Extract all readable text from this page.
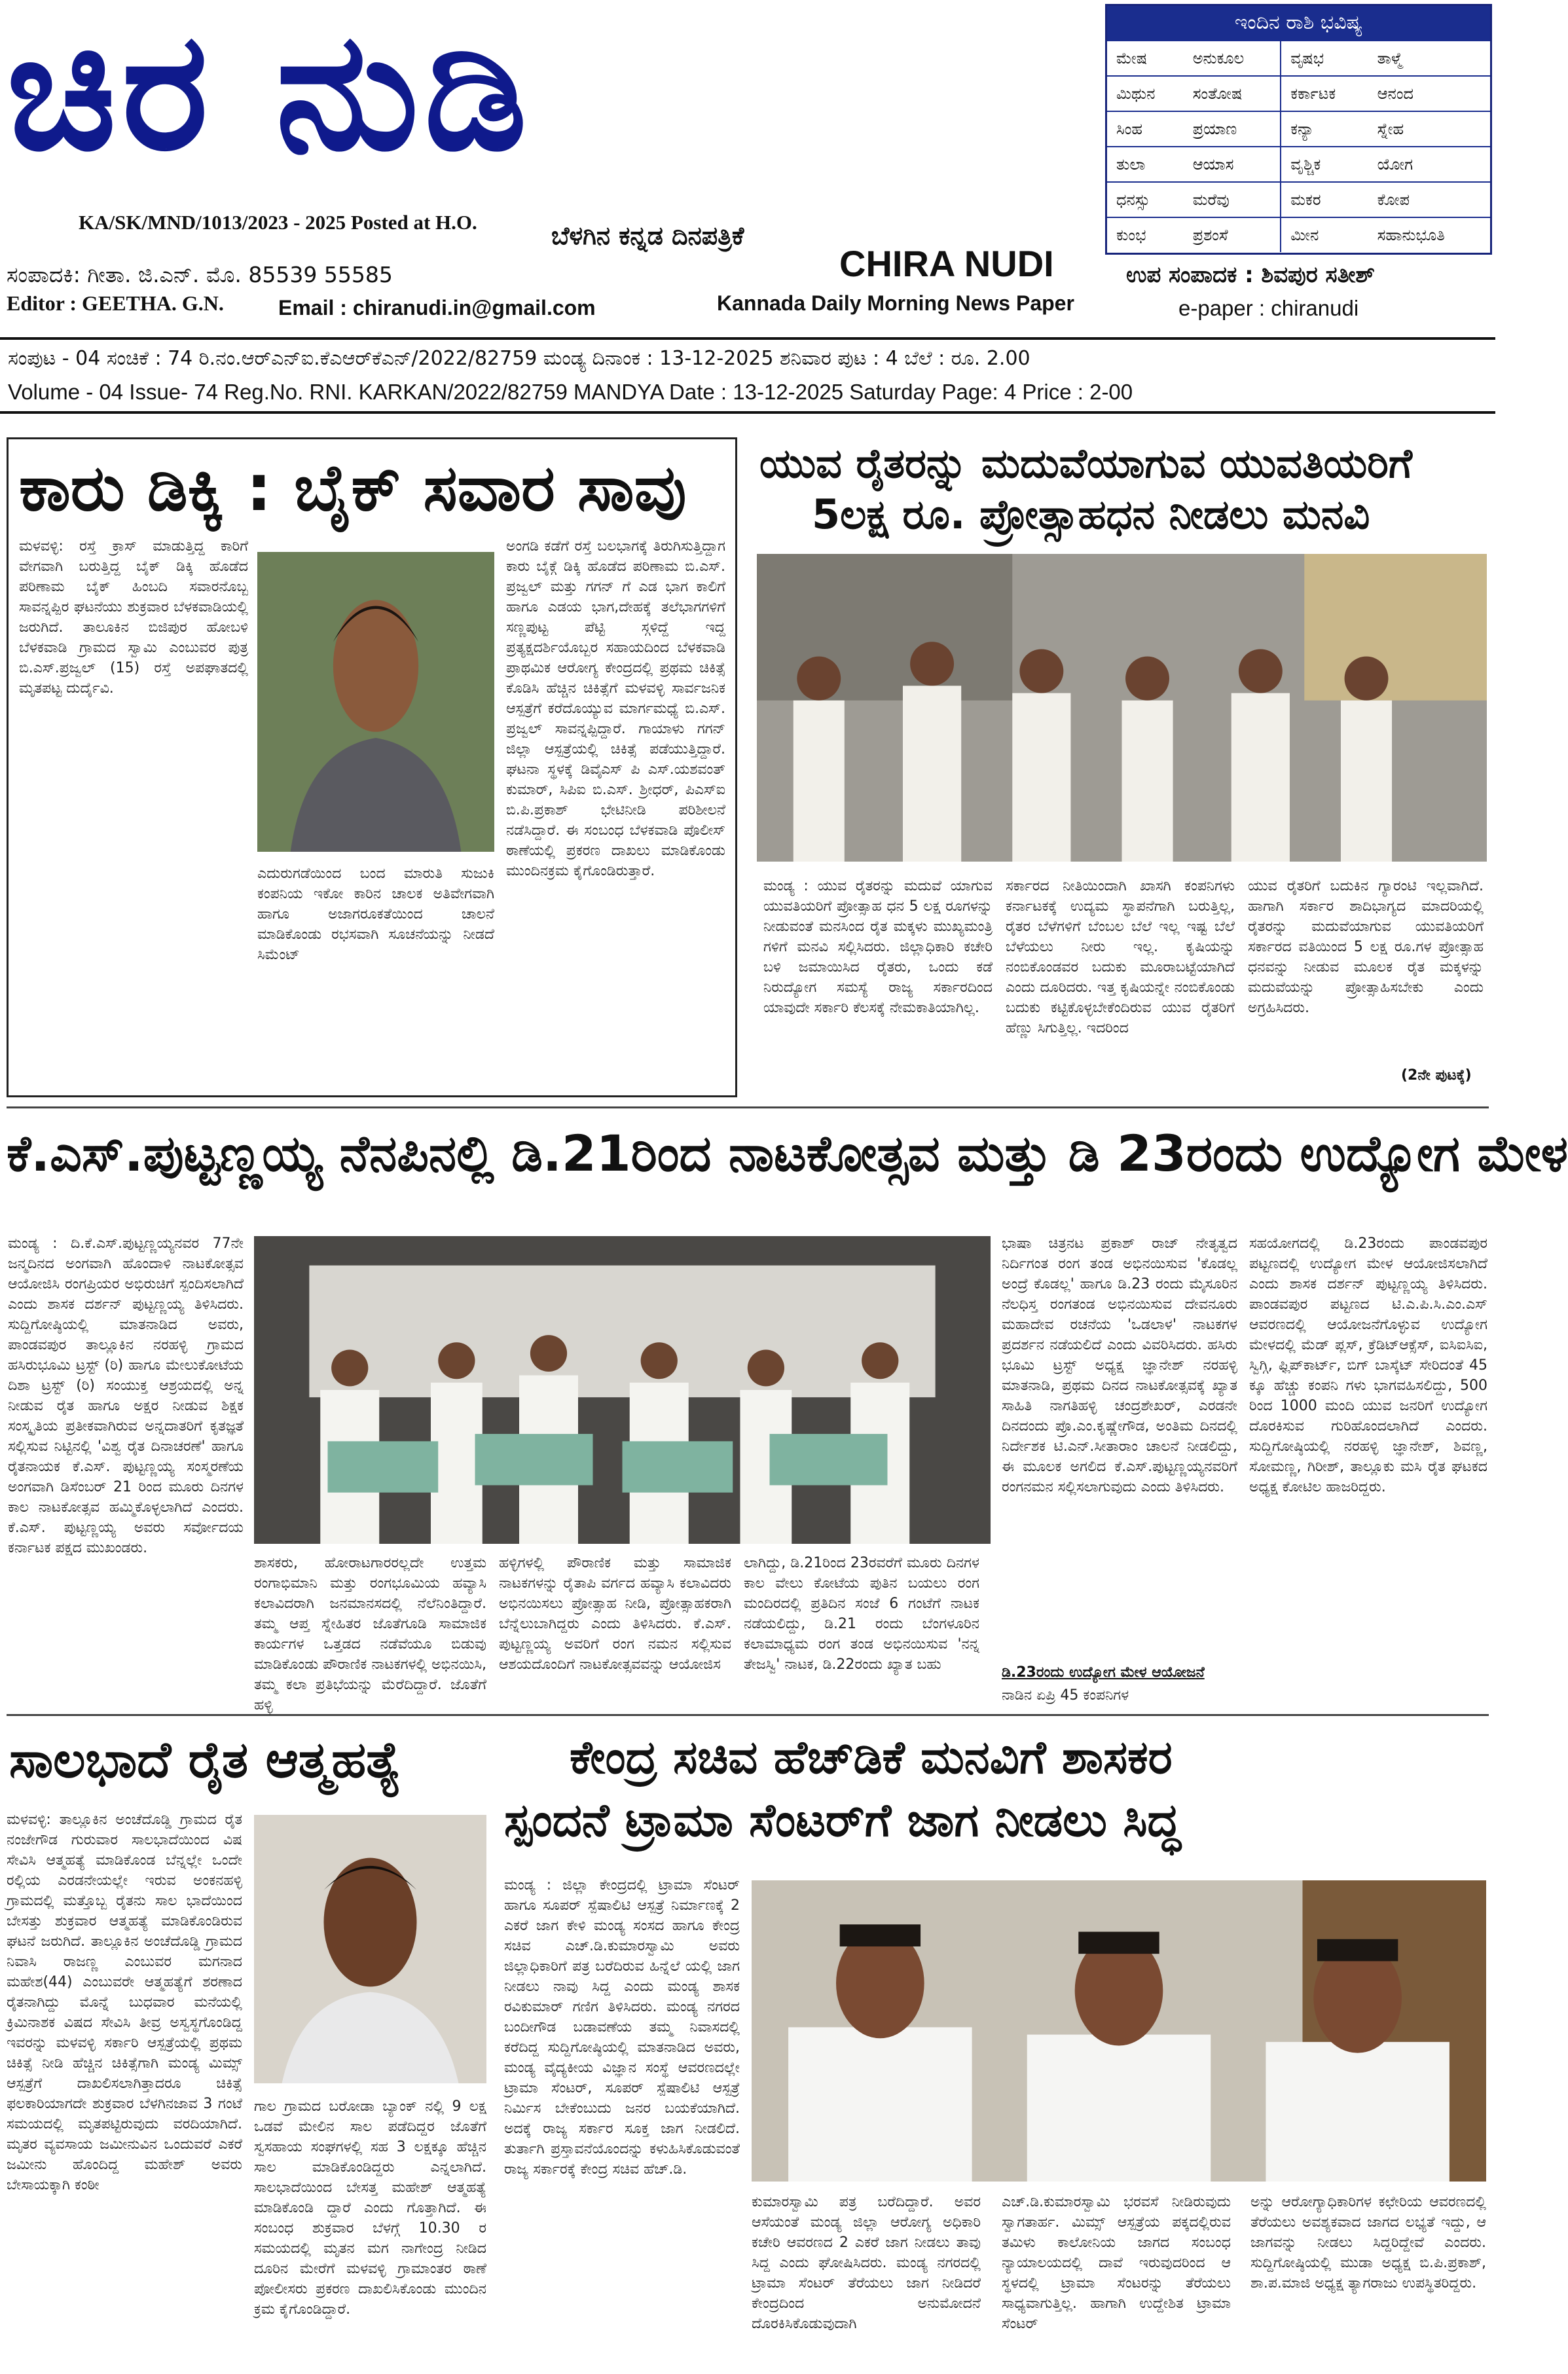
ಚಿರ ನುಡಿ
KA/SK/MND/1013/2023 - 2025 Posted at H.O.	ಬೆಳಗಿನ ಕನ್ನಡ ದಿನಪತ್ರಿಕೆ
CHIRA NUDI
ಸಂಪಾದಕಿ: ಗೀತಾ. ಜಿ.ಎನ್. ಮೊ. 85539 55585
Editor : GEETHA. G.N.	Email : chiranudi.in@gmail.com	Kannada Daily Morning News Paper
ಉಪ ಸಂಪಾದಕ : ಶಿವಪುರ ಸತೀಶ್
e-paper : chiranudi
ಇಂದಿನ ರಾಶಿ ಭವಿಷ್ಯ
ಮೇಷ	ಅನುಕೂಲ	ವೃಷಭ	ತಾಳ್ಮೆ
ಮಿಥುನ	ಸಂತೋಷ	ಕರ್ಕಾಟಕ	ಆನಂದ
ಸಿಂಹ	ಪ್ರಯಾಣ	ಕನ್ಯಾ	ಸ್ನೇಹ
ತುಲಾ	ಆಯಾಸ	ವೃಶ್ಚಿಕ	ಯೋಗ
ಧನಸ್ಸು	ಮರೆವು	ಮಕರ	ಕೋಪ
ಕುಂಭ	ಪ್ರಶಂಸೆ	ಮೀನ	ಸಹಾನುಭೂತಿ
ಸಂಪುಟ - 04 ಸಂಚಿಕೆ : 74 ರಿ.ನಂ.ಆರ್‌ಎನ್‌ಐ.ಕೆಎಆರ್‌ಕೆಎನ್/2022/82759 ಮಂಡ್ಯ ದಿನಾಂಕ : 13-12-2025 ಶನಿವಾರ ಪುಟ : 4 ಬೆಲೆ : ರೂ. 2.00
Volume - 04 Issue- 74 Reg.No. RNI. KARKAN/2022/82759 MANDYA Date : 13-12-2025 Saturday Page: 4 Price : 2-00
ಕಾರು ಡಿಕ್ಕಿ : ಬೈಕ್ ಸವಾರ ಸಾವು
ಮಳವಳ್ಳಿ: ರಸ್ತೆ ಕ್ರಾಸ್ ಮಾಡುತ್ತಿದ್ದ ಕಾರಿಗೆ ವೇಗವಾಗಿ ಬರುತ್ತಿದ್ದ ಬೈಕ್ ಡಿಕ್ಕಿ ಹೊಡೆದ ಪರಿಣಾಮ ಬೈಕ್ ಹಿಂಬದಿ ಸವಾರನೊಬ್ಬ ಸಾವನ್ನಪ್ಪಿರ ಘಟನೆಯು ಶುಕ್ರವಾರ ಬೆಳಕವಾಡಿಯಲ್ಲಿ ಜರುಗಿದೆ. ತಾಲೂಕಿನ ಬಿಜಿಪುರ ಹೋಬಳಿ ಬೆಳಕವಾಡಿ ಗ್ರಾಮದ ಸ್ವಾಮಿ ಎಂಬುವರ ಪುತ್ರ ಬಿ.ಎಸ್.ಪ್ರಜ್ವಲ್ (15) ರಸ್ತೆ ಅಪಘಾತದಲ್ಲಿ ಮೃತಪಟ್ಟ ದುರ್ದೈವಿ.
ಎದುರುಗಡೆಯಿಂದ ಬಂದ ಮಾರುತಿ ಸುಜುಕಿ ಕಂಪನಿಯ ಇಕೋ ಕಾರಿನ ಚಾಲಕ ಅತಿವೇಗವಾಗಿ ಹಾಗೂ ಅಜಾಗರೂಕತೆಯಿಂದ ಚಾಲನೆ ಮಾಡಿಕೊಂಡು ರಭಸವಾಗಿ ಸೂಚನೆಯನ್ನು ನೀಡದೆ ಸಿಮೆಂಟ್
ಅಂಗಡಿ ಕಡೆಗೆ ರಸ್ತೆ ಬಲಭಾಗಕ್ಕೆ ತಿರುಗಿಸುತ್ತಿದ್ದಾಗ ಕಾರು ಬೈಕ್ಗೆ ಡಿಕ್ಕಿ ಹೊಡೆದ ಪರಿಣಾಮ ಬಿ.ಎಸ್. ಪ್ರಜ್ವಲ್ ಮತ್ತು ಗಗನ್ ಗೆ ಎಡ ಭಾಗ ಕಾಲಿಗೆ ಹಾಗೂ ಎಡಯ ಭಾಗ,ದೇಹಕ್ಕೆ ತಲೆಭಾಗಗಳಿಗೆ ಸಣ್ಣಪುಟ್ಟ ಪೆಟ್ಟಿ ಸ್ಗಳಿದ್ದೆ ಇದ್ದ ಪ್ರತ್ಯಕ್ಷದರ್ಶಿಯೊಬ್ಬರ ಸಹಾಯದಿಂದ ಬೆಳಕವಾಡಿ ಪ್ರಾಥಮಿಕ ಆರೋಗ್ಯ ಕೇಂದ್ರದಲ್ಲಿ ಪ್ರಥಮ ಚಿಕಿತ್ಸೆ ಕೊಡಿಸಿ ಹೆಚ್ಚಿನ ಚಿಕಿತ್ಸೆಗೆ ಮಳವಳ್ಳಿ ಸಾರ್ವಜನಿಕ ಆಸ್ಪತ್ರೆಗೆ ಕರೆದೊಯ್ಯುವ ಮಾರ್ಗಮಧ್ಯೆ ಬಿ.ಎಸ್. ಪ್ರಜ್ವಲ್ ಸಾವನ್ನಪ್ಪಿದ್ದಾರೆ. ಗಾಯಾಳು ಗಗನ್ ಜಿಲ್ಲಾ ಆಸ್ಪತ್ರೆಯಲ್ಲಿ ಚಿಕಿತ್ಸೆ ಪಡೆಯುತ್ತಿದ್ದಾರೆ. ಘಟನಾ ಸ್ಥಳಕ್ಕೆ ಡಿವೈಎಸ್ ಪಿ ಎಸ್.ಯಶವಂತ್ ಕುಮಾರ್, ಸಿಪಿಐ ಬಿ.ಎಸ್. ಶ್ರೀಧರ್, ಪಿಎಸ್ಐ ಬಿ.ಪಿ.ಪ್ರಕಾಶ್ ಭೇಟಿನೀಡಿ ಪರಿಶೀಲನೆ ನಡೆಸಿದ್ದಾರೆ. ಈ ಸಂಬಂಧ ಬೆಳಕವಾಡಿ ಪೊಲೀಸ್ ಠಾಣೆಯಲ್ಲಿ ಪ್ರಕರಣ ದಾಖಲು ಮಾಡಿಕೊಂಡು ಮುಂದಿನಕ್ರಮ ಕೈಗೊಂಡಿರುತ್ತಾರೆ.
ಯುವ ರೈತರನ್ನು ಮದುವೆಯಾಗುವ ಯುವತಿಯರಿಗೆ
5ಲಕ್ಷ ರೂ. ಪ್ರೋತ್ಸಾಹಧನ ನೀಡಲು ಮನವಿ
ಮಂಡ್ಯ : ಯುವ ರೈತರನ್ನು ಮದುವೆ ಯಾಗುವ ಯುವತಿಯರಿಗೆ ಪ್ರೋತ್ಸಾಹ ಧನ 5 ಲಕ್ಷ ರೂಗಳನ್ನು ನೀಡುವಂತೆ ಮನಸಿಂದ ರೈತ ಮಕ್ಕಳು ಮುಖ್ಯಮಂತ್ರಿ ಗಳಿಗೆ ಮನವಿ ಸಲ್ಲಿಸಿದರು. ಜಿಲ್ಲಾಧಿಕಾರಿ ಕಚೇರಿ ಬಳಿ ಜಮಾಯಿಸಿದ ರೈತರು, ಒಂದು ಕಡೆ ನಿರುದ್ಯೋಗ ಸಮಸ್ಯೆ ರಾಜ್ಯ ಸರ್ಕಾರದಿಂದ ಯಾವುದೇ ಸರ್ಕಾರಿ ಕೆಲಸಕ್ಕೆ ನೇಮಕಾತಿಯಾಗಿಲ್ಲ.
ಸರ್ಕಾರದ ನೀತಿಯಿಂದಾಗಿ ಖಾಸಗಿ ಕಂಪನಿಗಳು ಕರ್ನಾಟಕಕ್ಕೆ ಉದ್ಯಮ ಸ್ಥಾಪನೆಗಾಗಿ ಬರುತ್ತಿಲ್ಲ, ರೈತರ ಬೆಳೆಗಳಿಗೆ ಬೆಂಬಲ ಬೆಲೆ ಇಲ್ಲ ಇಷ್ಟ ಬೆಲೆ ಬೆಳೆಯಲು ನೀರು ಇಲ್ಲ. ಕೃಷಿಯನ್ನು ನಂಬಿಕೊಂಡವರ ಬದುಕು ಮೂರಾಬಟ್ಟೆಯಾಗಿದೆ ಎಂದು ದೂರಿದರು. ಇತ್ತ ಕೃಷಿಯನ್ನೇ ನಂಬಿಕೊಂಡು ಬದುಕು ಕಟ್ಟಿಕೊಳ್ಳಬೇಕೆಂದಿರುವ ಯುವ ರೈತರಿಗೆ ಹೆಣ್ಣು ಸಿಗುತ್ತಿಲ್ಲ. ಇದರಿಂದ
ಯುವ ರೈತರಿಗೆ ಬದುಕಿನ ಗ್ಯಾರಂಟಿ ಇಲ್ಲವಾಗಿದೆ. ಹಾಗಾಗಿ ಸರ್ಕಾರ ಶಾದಿಭಾಗ್ಯದ ಮಾದರಿಯಲ್ಲಿ ರೈತರನ್ನು ಮದುವೆಯಾಗುವ ಯುವತಿಯರಿಗೆ ಸರ್ಕಾರದ ವತಿಯಿಂದ 5 ಲಕ್ಷ ರೂ.ಗಳ ಪ್ರೋತ್ಸಾಹ ಧನವನ್ನು ನೀಡುವ ಮೂಲಕ ರೈತ ಮಕ್ಕಳನ್ನು ಮದುವೆಯನ್ನು ಪ್ರೋತ್ಸಾಹಿಸಬೇಕು ಎಂದು ಅಗ್ರಹಿಸಿದರು.
(2ನೇ ಪುಟಕ್ಕೆ)
ಕೆ.ಎಸ್.ಪುಟ್ಟಣ್ಣಯ್ಯ ನೆನಪಿನಲ್ಲಿ ಡಿ.21ರಿಂದ ನಾಟಕೋತ್ಸವ ಮತ್ತು ಡಿ 23ರಂದು ಉದ್ಯೋಗ ಮೇಳ
ಮಂಡ್ಯ : ದಿ.ಕೆ.ಎಸ್.ಪುಟ್ಟಣ್ಣಯ್ಯನವರ 77ನೇ ಜನ್ಮದಿನದ ಅಂಗವಾಗಿ ಹೊಂದಾಳಿ ನಾಟಕೋತ್ಸವ ಆಯೋಜಿಸಿ ರಂಗಪ್ರಿಯರ ಅಭಿರುಚಿಗೆ ಸ್ಪಂದಿಸಲಾಗಿದೆ ಎಂದು ಶಾಸಕ ದರ್ಶನ್ ಪುಟ್ಟಣ್ಣಯ್ಯ ತಿಳಿಸಿದರು. ಸುದ್ದಿಗೋಷ್ಠಿಯಲ್ಲಿ ಮಾತನಾಡಿದ ಅವರು, ಪಾಂಡವಪುರ ತಾಲ್ಲೂಕಿನ ನರಹಳ್ಳಿ ಗ್ರಾಮದ ಹಸಿರುಭೂಮಿ ಟ್ರಸ್ಟ್ (ರಿ) ಹಾಗೂ ಮೇಲುಕೋಟೆಯ ದಿಶಾ ಟ್ರಸ್ಟ್ (ರಿ) ಸಂಯುಕ್ತ ಆಶ್ರಯದಲ್ಲಿ ಅನ್ನ ನೀಡುವ ರೈತ ಹಾಗೂ ಅಕ್ಷರ ನೀಡುವ ಶಿಕ್ಷಕ ಸಂಸ್ಕೃತಿಯ ಪ್ರತೀಕವಾಗಿರುವ ಅನ್ನದಾತರಿಗೆ ಕೃತಜ್ಞತೆ ಸಲ್ಲಿಸುವ ನಿಟ್ಟಿನಲ್ಲಿ 'ವಿಶ್ವ ರೈತ ದಿನಾಚರಣೆ' ಹಾಗೂ ರೈತನಾಯಕ ಕೆ.ಎಸ್. ಪುಟ್ಟಣ್ಣಯ್ಯ ಸಂಸ್ಮರಣೆಯ ಅಂಗವಾಗಿ ಡಿಸೆಂಬರ್ 21 ರಿಂದ ಮೂರು ದಿನಗಳ ಕಾಲ ನಾಟಕೋತ್ಸವ ಹಮ್ಮಿಕೊಳ್ಳಲಾಗಿದೆ ಎಂದರು. ಕೆ.ಎಸ್. ಪುಟ್ಟಣ್ಣಯ್ಯ ಅವರು ಸರ್ವೋದಯ ಕರ್ನಾಟಕ ಪಕ್ಷದ ಮುಖಂಡರು.
ಶಾಸಕರು, ಹೋರಾಟಗಾರರಲ್ಲದೇ ಉತ್ತಮ ರಂಗಾಭಿಮಾನಿ ಮತ್ತು ರಂಗಭೂಮಿಯ ಹವ್ಯಾಸಿ ಕಲಾವಿದರಾಗಿ ಜನಮಾನಸದಲ್ಲಿ ನೆಲೆನಿಂತಿದ್ದಾರೆ. ತಮ್ಮ ಆಪ್ತ ಸ್ನೇಹಿತರ ಜೊತೆಗೂಡಿ ಸಾಮಾಜಿಕ ಕಾರ್ಯಗಳ ಒತ್ತಡದ ನಡೆವೆಯೂ ಬಿಡುವು ಮಾಡಿಕೊಂಡು ಪೌರಾಣಿಕ ನಾಟಕಗಳಲ್ಲಿ ಅಭಿನಯಿಸಿ, ತಮ್ಮ ಕಲಾ ಪ್ರತಿಭೆಯನ್ನು ಮೆರೆದಿದ್ದಾರೆ. ಜೊತೆಗೆ ಹಳ್ಳಿ
ಹಳ್ಳಿಗಳಲ್ಲಿ ಪೌರಾಣಿಕ ಮತ್ತು ಸಾಮಾಜಿಕ ನಾಟಕಗಳನ್ನು ರೈತಾಪಿ ವರ್ಗದ ಹವ್ಯಾಸಿ ಕಲಾವಿದರು ಅಭಿನಯಿಸಲು ಪ್ರೋತ್ಸಾಹ ನೀಡಿ, ಪ್ರೋತ್ಸಾಹಕರಾಗಿ ಬೆನ್ನೆಲುಬಾಗಿದ್ದರು ಎಂದು ತಿಳಿಸಿದರು. ಕೆ.ಎಸ್. ಪುಟ್ಟಣ್ಣಯ್ಯ ಅವರಿಗೆ ರಂಗ ನಮನ ಸಲ್ಲಿಸುವ ಆಶಯದೊಂದಿಗೆ ನಾಟಕೋತ್ಸವವನ್ನು ಆಯೋಜಿಸ
ಲಾಗಿದ್ದು, ಡಿ.21ರಿಂದ 23ರವರೆಗೆ ಮೂರು ದಿನಗಳ ಕಾಲ ವೇಲು ಕೋಟೆಯ ಪುತಿನ ಬಯಲು ರಂಗ ಮಂದಿರದಲ್ಲಿ ಪ್ರತಿದಿನ ಸಂಜೆ 6 ಗಂಟೆಗೆ ನಾಟಕ ನಡೆಯಲಿದ್ದು, ಡಿ.21 ರಂದು ಬೆಂಗಳೂರಿನ ಕಲಾಮಾಧ್ಯಮ ರಂಗ ತಂಡ ಅಭಿನಯಿಸುವ 'ನನ್ನ ತೇಜಸ್ವಿ' ನಾಟಕ, ಡಿ.22ರಂದು ಖ್ಯಾತ ಬಹು
ಭಾಷಾ ಚಿತ್ರನಟ ಪ್ರಕಾಶ್ ರಾಜ್ ನೇತೃತ್ವದ ನಿರ್ದಿಗಂತ ರಂಗ ತಂಡ ಅಭಿನಯಿಸುವ 'ಕೊಡಲ್ಲ ಅಂದ್ರೆ ಕೊಡಲ್ಲ' ಹಾಗೂ ಡಿ.23 ರಂದು ಮೈಸೂರಿನ ನೆಲಧಿಸ್ತ ರಂಗತಂಡ ಅಭಿನಯಿಸುವ ದೇವನೂರು ಮಹಾದೇವ ರಚನೆಯ 'ಒಡಲಾಳ' ನಾಟಕಗಳ ಪ್ರದರ್ಶನ ನಡೆಯಲಿದೆ ಎಂದು ವಿವರಿಸಿದರು. ಹಸಿರು ಭೂಮಿ ಟ್ರಸ್ಟ್ ಅಧ್ಯಕ್ಷ ಜ್ಞಾನೇಶ್ ನರಹಳ್ಳಿ ಮಾತನಾಡಿ, ಪ್ರಥಮ ದಿನದ ನಾಟಕೋತ್ಸವಕ್ಕೆ ಖ್ಯಾತ ಸಾಹಿತಿ ನಾಗತಿಹಳ್ಳಿ ಚಂದ್ರಶೇಖರ್, ಎರಡನೇ ದಿನದಂದು ಪ್ರೊ.ಎಂ.ಕೃಷ್ಣೇಗೌಡ, ಅಂತಿಮ ದಿನದಲ್ಲಿ ನಿರ್ದೇಶಕ ಟಿ.ಎನ್.ಸೀತಾರಾಂ ಚಾಲನೆ ನೀಡಲಿದ್ದು, ಈ ಮೂಲಕ ಅಗಲಿದ ಕೆ.ಎಸ್.ಪುಟ್ಟಣ್ಣಯ್ಯನವರಿಗೆ ರಂಗನಮನ ಸಲ್ಲಿಸಲಾಗುವುದು ಎಂದು ತಿಳಿಸಿದರು.
ಡಿ.23ರಂದು ಉದ್ಯೋಗ ಮೇಳ ಆಯೋಜನೆ
ನಾಡಿನ ಏಪ್ರಿ 45 ಕಂಪನಿಗಳ
ಸಹಯೋಗದಲ್ಲಿ ಡಿ.23ರಂದು ಪಾಂಡವಪುರ ಪಟ್ಟಣದಲ್ಲಿ ಉದ್ಯೋಗ ಮೇಳ ಆಯೋಜಿಸಲಾಗಿದೆ ಎಂದು ಶಾಸಕ ದರ್ಶನ್ ಪುಟ್ಟಣ್ಣಯ್ಯ ತಿಳಿಸಿದರು. ಪಾಂಡವಪುರ ಪಟ್ಟಣದ ಟಿ.ಎ.ಪಿ.ಸಿ.ಎಂ.ಎಸ್ ಆವರಣದಲ್ಲಿ ಆಯೋಜನೆಗೊಳ್ಳುವ ಉದ್ಯೋಗ ಮೇಳದಲ್ಲಿ ಮೆಡ್ ಪ್ಲಸ್, ಕ್ರೆಡಿಟ್‌ಆಕ್ಸೆಸ್, ಐಸಿಐಸಿಐ, ಸ್ವಿಗ್ಗಿ, ಫ್ಲಿಪ್‌ಕಾರ್ಟ್, ಬಿಗ್ ಬಾಸ್ಕೆಟ್ ಸೇರಿದಂತೆ 45 ಕ್ಕೂ ಹೆಚ್ಚು ಕಂಪನಿ ಗಳು ಭಾಗವಹಿಸಲಿದ್ದು, 500 ರಿಂದ 1000 ಮಂದಿ ಯುವ ಜನರಿಗೆ ಉದ್ಯೋಗ ದೊರಕಿಸುವ ಗುರಿಹೊಂದಲಾಗಿದೆ ಎಂದರು. ಸುದ್ದಿಗೋಷ್ಠಿಯಲ್ಲಿ ನರಹಳ್ಳಿ ಜ್ಞಾನೇಶ್, ಶಿವಣ್ಣ, ಸೋಮಣ್ಣ, ಗಿರೀಶ್, ತಾಲ್ಲೂಕು ಮಸಿ ರೈತ ಘಟಕದ ಅಧ್ಯಕ್ಷ ಕೋಟಿಲ ಹಾಜರಿದ್ದರು.
ಸಾಲಭಾದೆ ರೈತ ಆತ್ಮಹತ್ಯೆ
ಮಳವಳ್ಳಿ: ತಾಲ್ಲೂಕಿನ ಅಂಚೆದೊಡ್ಡಿ ಗ್ರಾಮದ ರೈತ ನಂಜೇಗೌಡ ಗುರುವಾರ ಸಾಲಭಾದೆಯಿಂದ ವಿಷ ಸೇವಿಸಿ ಆತ್ಮಹತ್ಯೆ ಮಾಡಿಕೊಂಡ ಬೆನ್ನಲ್ಲೇ ಒಂದೇ ರಲ್ಲಿಯ ಎರಡನೇಯಲ್ಲೇ ಇರುವ ಅಂಕನಹಳ್ಳಿ ಗ್ರಾಮದಲ್ಲಿ ಮತ್ತೊಬ್ಬ ರೈತನು ಸಾಲ ಭಾದೆಯಿಂದ ಬೇಸತ್ತು ಶುಕ್ರವಾರ ಆತ್ಮಹತ್ಯೆ ಮಾಡಿಕೊಂಡಿರುವ ಘಟನೆ ಜರುಗಿದೆ. ತಾಲ್ಲೂಕಿನ ಅಂಚೆದೊಡ್ಡಿ ಗ್ರಾಮದ ನಿವಾಸಿ ರಾಜಣ್ಣ ಎಂಬುವರ ಮಗನಾದ ಮಹೇಶ(44) ಎಂಬುವರೇ ಆತ್ಮಹತ್ಯೆಗೆ ಶರಣಾದ ರೈತನಾಗಿದ್ದು ಮೊನ್ನೆ ಬುಧವಾರ ಮನೆಯಲ್ಲಿ ಕ್ರಿಮಿನಾಶಕ ವಿಷದ ಸೇವಿಸಿ ತೀವ್ರ ಅಸ್ವಸ್ಥಗೊಂಡಿದ್ದ ಇವರನ್ನು ಮಳವಳ್ಳಿ ಸರ್ಕಾರಿ ಆಸ್ಪತ್ರೆಯಲ್ಲಿ ಪ್ರಥಮ ಚಿಕಿತ್ಸೆ ನೀಡಿ ಹೆಚ್ಚಿನ ಚಿಕಿತ್ಸೆಗಾಗಿ ಮಂಡ್ಯ ಮಿಮ್ಸ್ ಆಸ್ಪತ್ರೆಗೆ ದಾಖಲಿಸಲಾಗಿತ್ತಾದರೂ ಚಿಕಿತ್ಸೆ ಫಲಕಾರಿಯಾಗದೇ ಶುಕ್ರವಾರ ಬೆಳಗಿನಜಾವ 3 ಗಂಟೆ ಸಮಯದಲ್ಲಿ ಮೃತಪಟ್ಟಿರುವುದು ವರದಿಯಾಗಿದೆ. ಮೃತರ ವ್ಯವಸಾಯ ಜಮೀನುವಿನ ಒಂದುವರೆ ಎಕರೆ ಜಮೀನು ಹೊಂದಿದ್ದ ಮಹೇಶ್ ಅವರು ಬೇಸಾಯಕ್ಕಾಗಿ ಕಂಠೀ
ಗಾಲ ಗ್ರಾಮದ ಬರೋಡಾ ಬ್ಯಾಂಕ್ ನಲ್ಲಿ 9 ಲಕ್ಷ ಒಡವೆ ಮೇಲಿನ ಸಾಲ ಪಡೆದಿದ್ದರ ಜೊತೆಗೆ ಸ್ವಸಹಾಯ ಸಂಘಗಳಲ್ಲಿ ಸಹ 3 ಲಕ್ಷಕ್ಕೂ ಹೆಚ್ಚಿನ ಸಾಲ ಮಾಡಿಕೊಂಡಿದ್ದರು ಎನ್ನಲಾಗಿದೆ. ಸಾಲಭಾದೆಯಿಂದ ಬೇಸತ್ತ ಮಹೇಶ್ ಆತ್ಮಹತ್ಯೆ ಮಾಡಿಕೊಂಡಿ ದ್ದಾರೆ ಎಂದು ಗೊತ್ತಾಗಿದೆ. ಈ ಸಂಬಂಧ ಶುಕ್ರವಾರ ಬೆಳಗ್ಗೆ 10.30 ರ ಸಮಯದಲ್ಲಿ ಮೃತನ ಮಗ ನಾಗೇಂದ್ರ ನೀಡಿದ ದೂರಿನ ಮೇರೆಗೆ ಮಳವಳ್ಳಿ ಗ್ರಾಮಾಂತರ ಠಾಣೆ ಪೋಲೀಸರು ಪ್ರಕರಣ ದಾಖಲಿಸಿಕೊಂಡು ಮುಂದಿನ ಕ್ರಮ ಕೈಗೊಂಡಿದ್ದಾರೆ.
ಕೇಂದ್ರ ಸಚಿವ ಹೆಚ್‌ಡಿಕೆ ಮನವಿಗೆ ಶಾಸಕರ
ಸ್ಪಂದನೆ ಟ್ರಾಮಾ ಸೆಂಟರ್‌ಗೆ ಜಾಗ ನೀಡಲು ಸಿದ್ಧ
ಮಂಡ್ಯ : ಜಿಲ್ಲಾ ಕೇಂದ್ರದಲ್ಲಿ ಟ್ರಾಮಾ ಸೆಂಟರ್ ಹಾಗೂ ಸೂಪರ್ ಸ್ಪೆಷಾಲಿಟಿ ಆಸ್ಪತ್ರೆ ನಿರ್ಮಾಣಕ್ಕೆ 2 ಎಕರೆ ಜಾಗ ಕೇಳಿ ಮಂಡ್ಯ ಸಂಸದ ಹಾಗೂ ಕೇಂದ್ರ ಸಚಿವ ಎಚ್.ಡಿ.ಕುಮಾರಸ್ವಾಮಿ ಅವರು ಜಿಲ್ಲಾಧಿಕಾರಿಗೆ ಪತ್ರ ಬರೆದಿರುವ ಹಿನ್ನೆಲೆ ಯಲ್ಲಿ ಜಾಗ ನೀಡಲು ನಾವು ಸಿದ್ದ ಎಂದು ಮಂಡ್ಯ ಶಾಸಕ ರವಿಕುಮಾರ್ ಗಣಿಗ ತಿಳಿಸಿದರು. ಮಂಡ್ಯ ನಗರದ ಬಂದೀಗೌಡ ಬಡಾವಣೆಯ ತಮ್ಮ ನಿವಾಸದಲ್ಲಿ ಕರೆದಿದ್ದ ಸುದ್ದಿಗೋಷ್ಠಿಯಲ್ಲಿ ಮಾತನಾಡಿದ ಅವರು, ಮಂಡ್ಯ ವೈದ್ಯಕೀಯ ವಿಜ್ಞಾನ ಸಂಸ್ಥೆ ಆವರಣದಲ್ಲೇ ಟ್ರಾಮಾ ಸೆಂಟರ್, ಸೂಪರ್ ಸ್ಪೆಷಾಲಿಟಿ ಆಸ್ಪತ್ರೆ ನಿರ್ಮಿಸ ಬೇಕೆಂಬುದು ಜನರ ಬಯಕೆಯಾಗಿದೆ. ಅದಕ್ಕೆ ರಾಜ್ಯ ಸರ್ಕಾರ ಸೂಕ್ತ ಜಾಗ ನೀಡಲಿದೆ. ತುರ್ತಾಗಿ ಪ್ರಸ್ತಾವನೆಯೊಂದನ್ನು ಕಳುಹಿಸಿಕೊಡುವಂತೆ ರಾಜ್ಯ ಸರ್ಕಾರಕ್ಕೆ ಕೇಂದ್ರ ಸಚಿವ ಹೆಚ್.ಡಿ.
ಕುಮಾರಸ್ವಾಮಿ ಪತ್ರ ಬರೆದಿದ್ದಾರೆ. ಅವರ ಆಸೆಯಂತೆ ಮಂಡ್ಯ ಜಿಲ್ಲಾ ಆರೋಗ್ಯ ಅಧಿಕಾರಿ ಕಚೇರಿ ಆವರಣದ 2 ಎಕರೆ ಜಾಗ ನೀಡಲು ತಾವು ಸಿದ್ದ ಎಂದು ಘೋಷಿಸಿದರು. ಮಂಡ್ಯ ನಗರದಲ್ಲಿ ಟ್ರಾಮಾ ಸೆಂಟರ್ ತೆರೆಯಲು ಜಾಗ ನೀಡಿದರೆ ಕೇಂದ್ರದಿಂದ ಅನುಮೋದನೆ ದೊರಕಿಸಿಕೊಡುವುದಾಗಿ
ಎಚ್.ಡಿ.ಕುಮಾರಸ್ವಾಮಿ ಭರವಸೆ ನೀಡಿರುವುದು ಸ್ವಾಗತಾರ್ಹ. ಮಿಮ್ಸ್ ಆಸ್ಪತ್ರೆಯ ಪಕ್ಕದಲ್ಲಿರುವ ತಮಿಳು ಕಾಲೋನಿಯ ಜಾಗದ ಸಂಬಂಧ ನ್ಯಾಯಾಲಯದಲ್ಲಿ ದಾವೆ ಇರುವುದರಿಂದ ಆ ಸ್ಥಳದಲ್ಲಿ ಟ್ರಾಮಾ ಸೆಂಟರನ್ನು ತೆರೆಯಲು ಸಾಧ್ಯವಾಗುತ್ತಿಲ್ಲ. ಹಾಗಾಗಿ ಉದ್ದೇಶಿತ ಟ್ರಾಮಾ ಸೆಂಟರ್
ಅನ್ನು ಆರೋಗ್ಯಾಧಿಕಾರಿಗಳ ಕಛೇರಿಯ ಆವರಣದಲ್ಲಿ ತೆರೆಯಲು ಅವಶ್ಯಕವಾದ ಜಾಗದ ಲಭ್ಯತೆ ಇದ್ದು, ಆ ಜಾಗವನ್ನು ನೀಡಲು ಸಿದ್ದರಿದ್ದೇವೆ ಎಂದರು. ಸುದ್ದಿಗೋಷ್ಠಿಯಲ್ಲಿ ಮುಡಾ ಅಧ್ಯಕ್ಷ ಬಿ.ಪಿ.ಪ್ರಕಾಶ್, ಶಾ.ಪ.ಮಾಜಿ ಅಧ್ಯಕ್ಷ ತ್ಯಾಗರಾಜು ಉಪಸ್ಥಿತರಿದ್ದರು.
